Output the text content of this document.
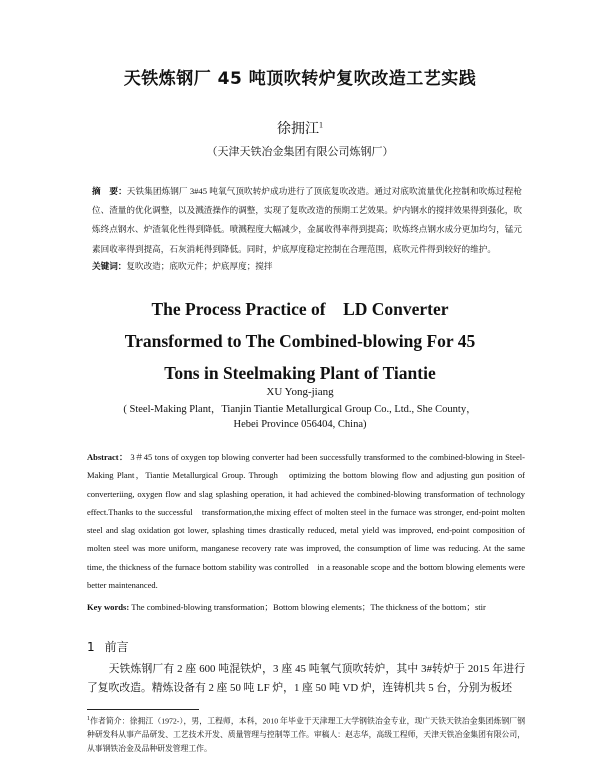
天铁炼钢厂 45 吨顶吹转炉复吹改造工艺实践
徐拥江$^1$
（天津天铁冶金集团有限公司炼钢厂）
摘　要：天铁集团炼钢厂 3#45 吨氧气顶吹转炉成功进行了顶底复吹改造。通过对底吹流量优化控制和吹炼过程枪位、渣量的优化调整，以及溅渣操作的调整，实现了复吹改造的预期工艺效果。炉内钢水的搅拌效果得到强化，吹炼终点钢水、炉渣氧化性得到降低。喷溅程度大幅减少，金属收得率得到提高；吹炼终点钢水成分更加均匀，锰元素回收率得到提高，石灰消耗得到降低。同时，炉底厚度稳定控制在合理范围，底吹元件得到较好的维护。
关键词：复吹改造；底吹元件；炉底厚度；搅拌
The Process Practice of　LD Converter
Transformed to The Combined-blowing For 45
Tons in Steelmaking Plant of Tiantie
XU Yong-jiang
( Steel-Making Plant，Tianjin Tiantie Metallurgical Group Co., Ltd., She County，
Hebei Province 056404, China)
Abstract： 3＃45 tons of oxygen top blowing converter had been successfully transformed to the combined-blowing in Steel-Making Plant，Tiantie Metallurgical Group. Through　optimizing the bottom blowing flow and adjusting gun position of converteriing, oxygen flow and slag splashing operation, it had achieved the combined-blowing transformation of technology　effect.Thanks to the successful　transformation,the mixing effect of molten steel in the furnace was stronger, end-point molten steel and slag oxidation got lower, splashing times drastically reduced, metal yield was improved, end-point composition of molten steel was more uniform, manganese recovery rate was improved, the consumption of lime was reducing. At the same time, the thickness of the furnace bottom stability was controlled　in a reasonable scope and the bottom blowing elements were better maintenanced.
Key words: The combined-blowing transformation；Bottom blowing elements；The thickness of the bottom；stir
1 前言
天铁炼钢厂有 2 座 600 吨混铁炉，3 座 45 吨氧气顶吹转炉，其中 3#转炉于 2015 年进行了复吹改造。精炼设备有 2 座 50 吨 LF 炉，1 座 50 吨 VD 炉，连铸机共 5 台，分别为板坯
$^1$作者简介：徐拥江（1972-），男，工程师，本科，2010 年毕业于天津理工大学钢铁冶金专业，现广天铁天铁冶金集团炼钢厂钢种研发科从事产品研发、工艺技术开发、质量管理与控制等工作。审稿人：赵志华，高级工程师，天津天铁冶金集团有限公司，从事钢铁冶金及品种研发管理工作。
